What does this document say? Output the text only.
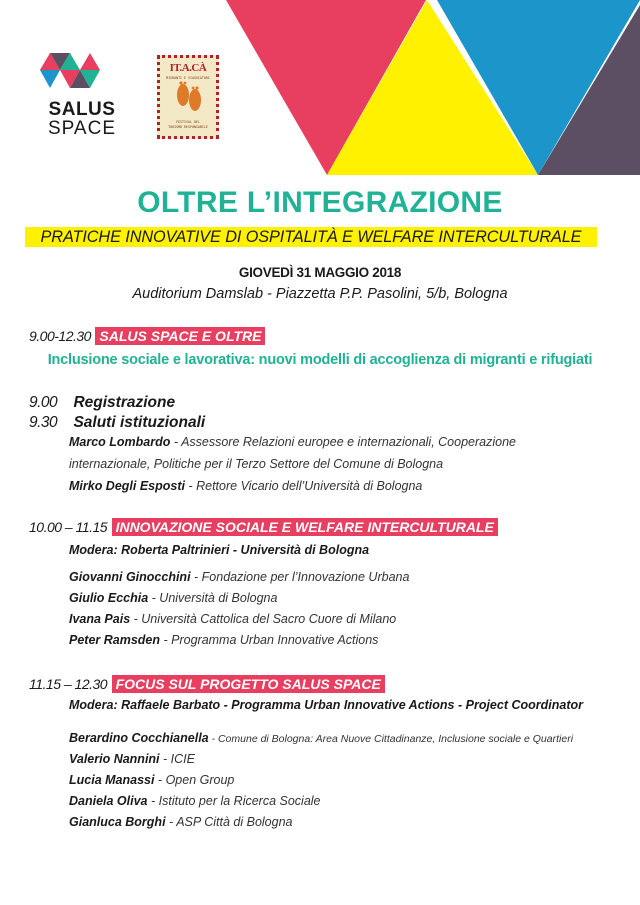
SALUS
SPACE
IT.A.CÀ
MIGRANTI E VIAGGIATORI
FESTIVAL DEL
TURISMO RESPONSABILE
OLTRE L’INTEGRAZIONE
PRATICHE INNOVATIVE DI OSPITALITÀ E WELFARE INTERCULTURALE
GIOVEDÌ 31 MAGGIO 2018
Auditorium Damslab - Piazzetta P.P. Pasolini, 5/b, Bologna
9.00-12.30 SALUS SPACE E OLTRE
Inclusione sociale e lavorativa: nuovi modelli di accoglienza di migranti e rifugiati
9.00 Registrazione
9.30 Saluti istituzionali
Marco Lombardo - Assessore Relazioni europee e internazionali, Cooperazione
internazionale, Politiche per il Terzo Settore del Comune di Bologna
Mirko Degli Esposti - Rettore Vicario dell’Università di Bologna
10.00 – 11.15 INNOVAZIONE SOCIALE E WELFARE INTERCULTURALE
Modera: Roberta Paltrinieri - Università di Bologna
Giovanni Ginocchini - Fondazione per l’Innovazione Urbana
Giulio Ecchia - Università di Bologna
Ivana Pais - Università Cattolica del Sacro Cuore di Milano
Peter Ramsden - Programma Urban Innovative Actions
11.15 – 12.30 FOCUS SUL PROGETTO SALUS SPACE
Modera: Raffaele Barbato - Programma Urban Innovative Actions - Project Coordinator
Berardino Cocchianella - Comune di Bologna: Area Nuove Cittadinanze, Inclusione sociale e Quartieri
Valerio Nannini - ICIE
Lucia Manassi - Open Group
Daniela Oliva - Istituto per la Ricerca Sociale
Gianluca Borghi - ASP Città di Bologna
